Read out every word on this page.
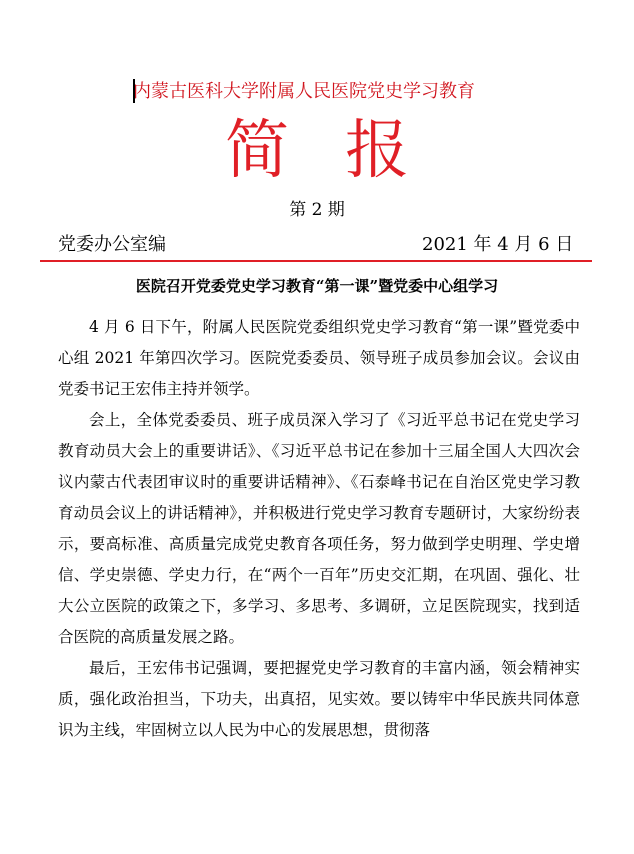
内蒙古医科大学附属人民医院党史学习教育
简报
第 2 期
党委办公室编	2021 年 4 月 6 日
医院召开党委党史学习教育“第一课”暨党委中心组学习

4 月 6 日下午，附属人民医院党委组织党史学习教育“第一课”暨党委中心组 2021 年第四次学习。医院党委委员、领导班子成员参加会议。会议由党委书记王宏伟主持并领学。

会上，全体党委委员、班子成员深入学习了《习近平总书记在党史学习教育动员大会上的重要讲话》、《习近平总书记在参加十三届全国人大四次会议内蒙古代表团审议时的重要讲话精神》、《石泰峰书记在自治区党史学习教育动员会议上的讲话精神》，并积极进行党史学习教育专题研讨，大家纷纷表示，要高标准、高质量完成党史教育各项任务，努力做到学史明理、学史增信、学史崇德、学史力行，在“两个一百年”历史交汇期，在巩固、强化、壮大公立医院的政策之下，多学习、多思考、多调研，立足医院现实，找到适合医院的高质量发展之路。

最后，王宏伟书记强调，要把握党史学习教育的丰富内涵，领会精神实质，强化政治担当，下功夫，出真招，见实效。要以铸牢中华民族共同体意识为主线，牢固树立以人民为中心的发展思想，贯彻落
